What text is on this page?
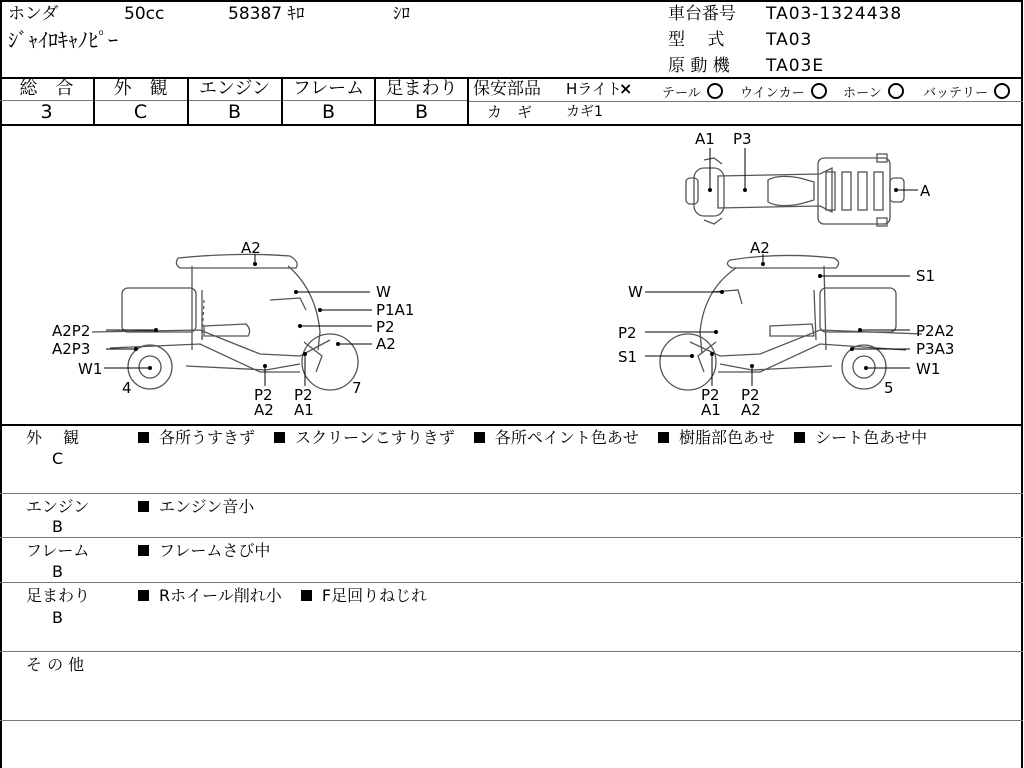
ホンダ	50cc	58387 ｷﾛ	ｼﾛ
ｼﾞｬｲﾛｷｬﾉﾋﾟｰ
車台番号 TA03-1324438
型　 式 TA03
原 動 機 TA03E
総　合	外　観	エンジン	フレーム	足まわり
3	C	B	B	B
保安部品 Hライト
× テール	ウインカー	ホーン	バッテリー
カ　ギ カギ1
A1 P3
A
A2
W
P1A1
P2
A2
A2P2
A2P3
W1
4	7
P2
A2
P2
A1
A2
S1
W
P2A2
P2
P3A3
S1
W1
5
P2
A1
P2
A2
外　 観
C
各所うすきず	スクリーンこすりきず	各所ペイント色あせ	樹脂部色あせ	シート色あせ中
エンジン
B
エンジン音小
フレーム
B
フレームさび中
足まわり
B
Rホイール削れ小	F足回りねじれ
そ の 他
